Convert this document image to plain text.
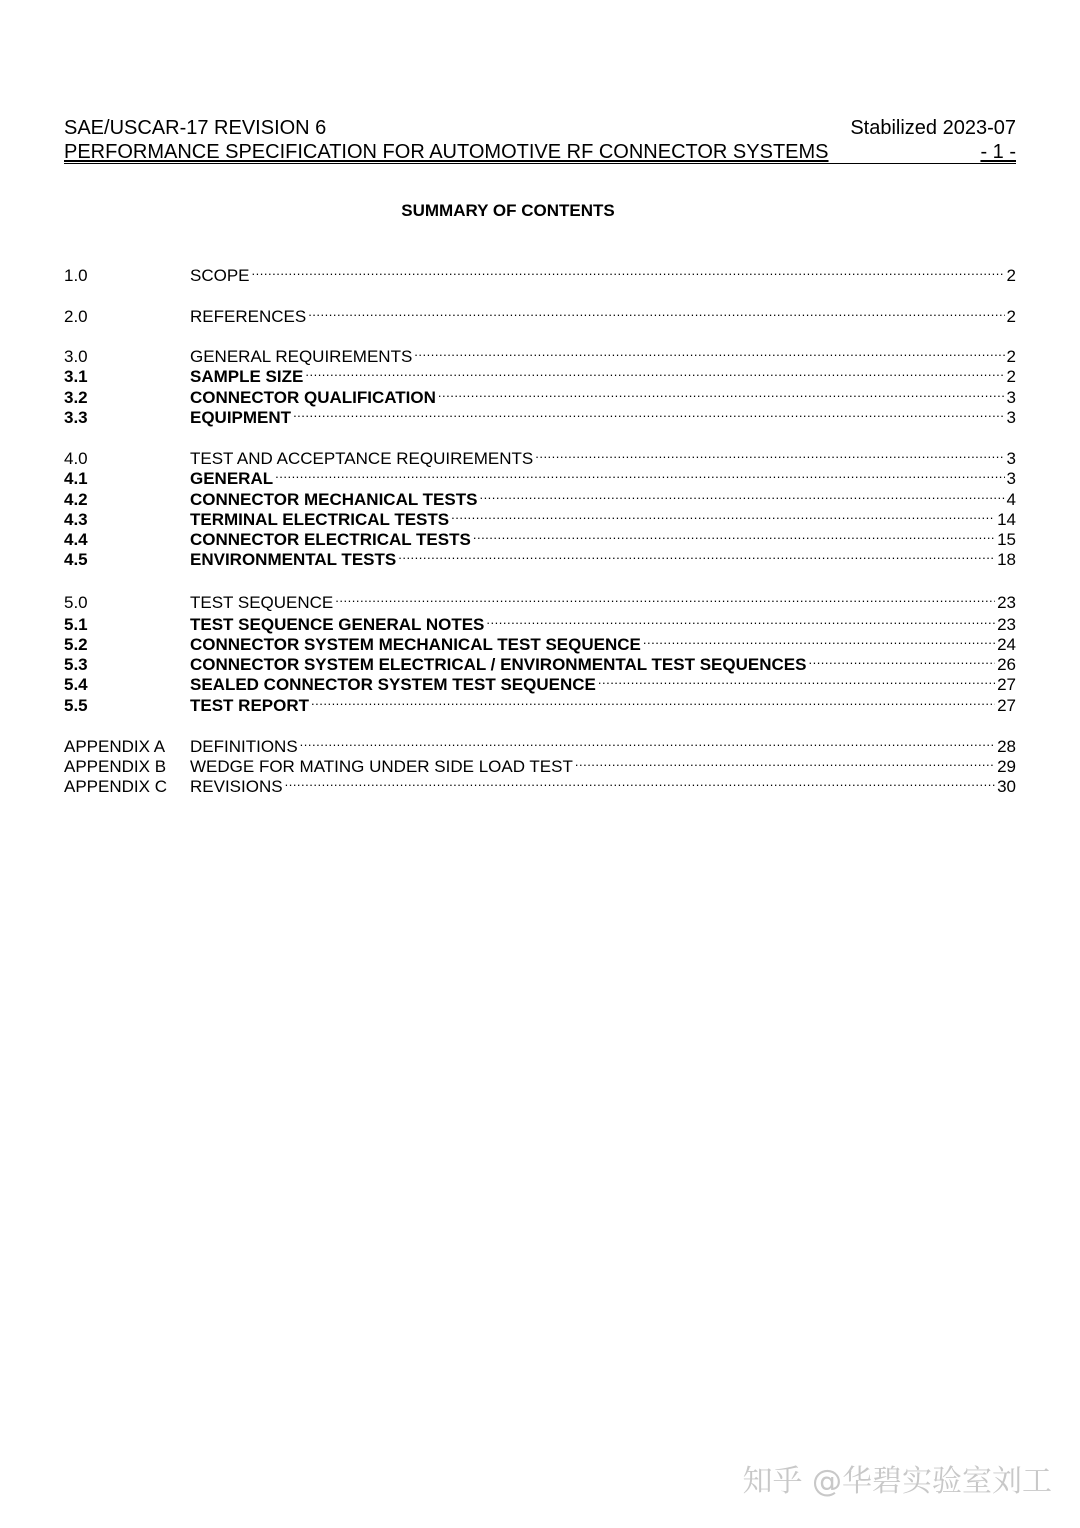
SAE/USCAR-17 REVISION 6	Stabilized 2023-07
PERFORMANCE SPECIFICATION FOR AUTOMOTIVE RF CONNECTOR SYSTEMS	- 1 -
SUMMARY OF CONTENTS
1.0	SCOPE .....	2
2.0	REFERENCES .....	2
3.0	GENERAL REQUIREMENTS .....	2
3.1	SAMPLE SIZE .....	2
3.2	CONNECTOR QUALIFICATION .....	3
3.3	EQUIPMENT .....	3
4.0	TEST AND ACCEPTANCE REQUIREMENTS .....	3
4.1	GENERAL .....	3
4.2	CONNECTOR MECHANICAL TESTS .....	4
4.3	TERMINAL ELECTRICAL TESTS .....	14
4.4	CONNECTOR ELECTRICAL TESTS .....	15
4.5	ENVIRONMENTAL TESTS .....	18
5.0	TEST SEQUENCE .....	23
5.1	TEST SEQUENCE GENERAL NOTES .....	23
5.2	CONNECTOR SYSTEM MECHANICAL TEST SEQUENCE .....	24
5.3	CONNECTOR SYSTEM ELECTRICAL / ENVIRONMENTAL TEST SEQUENCES .....	26
5.4	SEALED CONNECTOR SYSTEM TEST SEQUENCE .....	27
5.5	TEST REPORT .....	27
APPENDIX A	DEFINITIONS .....	28
APPENDIX B	WEDGE FOR MATING UNDER SIDE LOAD TEST .....	29
APPENDIX C	REVISIONS .....	30
知乎 @华碧实验室刘工
